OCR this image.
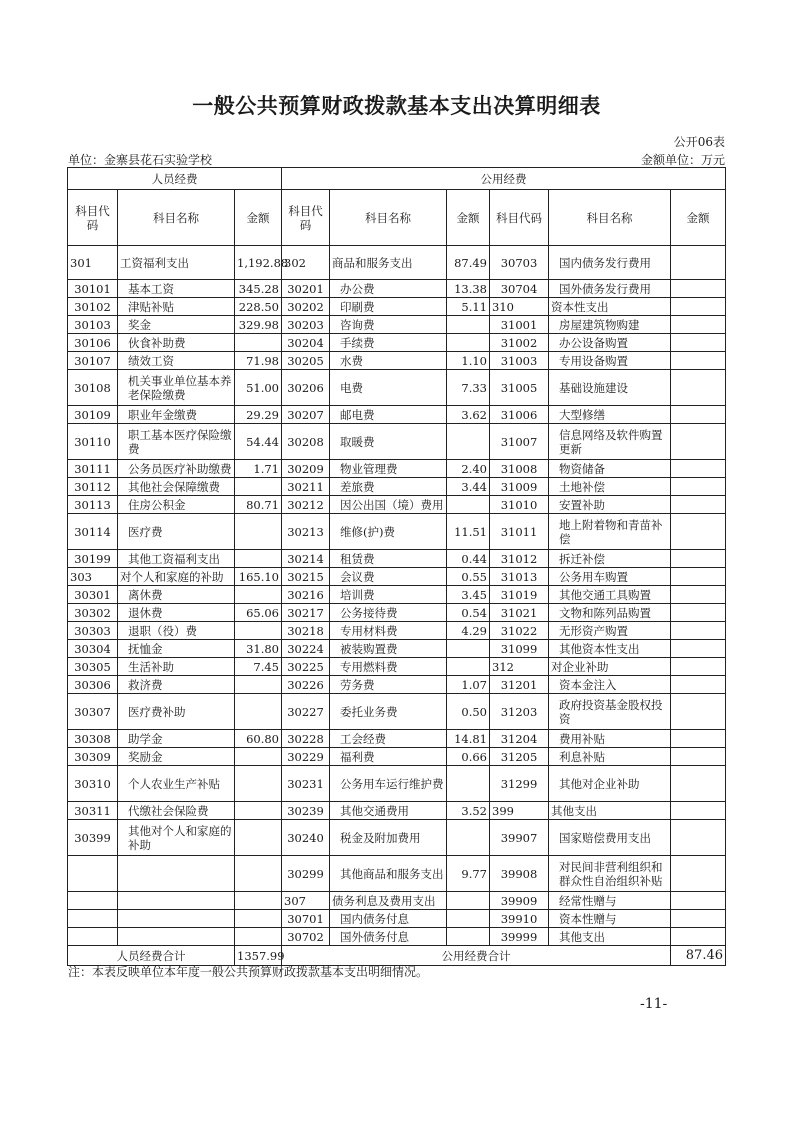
一般公共预算财政拨款基本支出决算明细表
公开06表
单位：金寨县花石实验学校	金额单位：万元
人员经费			公用经费					
科目代码	科目名称	金额	科目代码	科目名称	金额	科目代码	科目名称	金额
301	工资福利支出	1,192.88	302	商品和服务支出	87.49	30703	国内债务发行费用	
30101	基本工资	345.28	30201	办公费	13.38	30704	国外债务发行费用	
30102	津贴补贴	228.50	30202	印刷费	5.11	310	资本性支出	
30103	奖金	329.98	30203	咨询费		31001	房屋建筑物购建	
30106	伙食补助费		30204	手续费		31002	办公设备购置	
30107	绩效工资	71.98	30205	水费	1.10	31003	专用设备购置	
30108	机关事业单位基本养老保险缴费	51.00	30206	电费	7.33	31005	基础设施建设	
30109	职业年金缴费	29.29	30207	邮电费	3.62	31006	大型修缮	
30110	职工基本医疗保险缴费	54.44	30208	取暖费		31007	信息网络及软件购置更新	
30111	公务员医疗补助缴费	1.71	30209	物业管理费	2.40	31008	物资储备	
30112	其他社会保障缴费		30211	差旅费	3.44	31009	土地补偿	
30113	住房公积金	80.71	30212	因公出国（境）费用		31010	安置补助	
30114	医疗费		30213	维修(护)费	11.51	31011	地上附着物和青苗补偿	
30199	其他工资福利支出		30214	租赁费	0.44	31012	拆迁补偿	
303	对个人和家庭的补助	165.10	30215	会议费	0.55	31013	公务用车购置	
30301	离休费		30216	培训费	3.45	31019	其他交通工具购置	
30302	退休费	65.06	30217	公务接待费	0.54	31021	文物和陈列品购置	
30303	退职（役）费		30218	专用材料费	4.29	31022	无形资产购置	
30304	抚恤金	31.80	30224	被装购置费		31099	其他资本性支出	
30305	生活补助	7.45	30225	专用燃料费		312	对企业补助	
30306	救济费		30226	劳务费	1.07	31201	资本金注入	
30307	医疗费补助		30227	委托业务费	0.50	31203	政府投资基金股权投资	
30308	助学金	60.80	30228	工会经费	14.81	31204	费用补贴	
30309	奖励金		30229	福利费	0.66	31205	利息补贴	
30310	个人农业生产补贴		30231	公务用车运行维护费		31299	其他对企业补助	
30311	代缴社会保险费		30239	其他交通费用	3.52	399	其他支出	
30399	其他对个人和家庭的补助		30240	税金及附加费用		39907	国家赔偿费用支出	
			30299	其他商品和服务支出	9.77	39908	对民间非营利组织和群众性自治组织补贴	
			307	债务利息及费用支出		39909	经常性赠与	
			30701	国内债务付息		39910	资本性赠与	
			30702	国外债务付息		39999	其他支出	
人员经费合计		1357.99	公用经费合计					87.46
注：本表反映单位本年度一般公共预算财政拨款基本支出明细情况。
-11-
